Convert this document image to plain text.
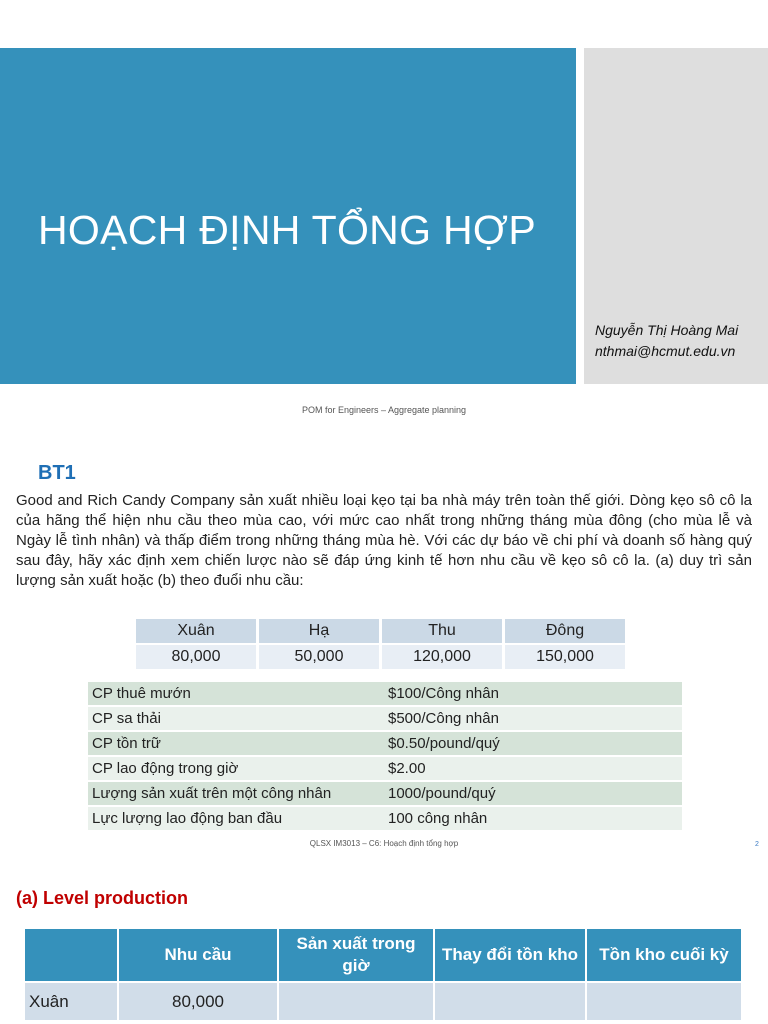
HOẠCH ĐỊNH TỔNG HỢP
Nguyễn Thị Hoàng Mai
nthmai@hcmut.edu.vn
POM for Engineers – Aggregate planning
BT1
Good and Rich Candy Company sản xuất nhiều loại kẹo tại ba nhà máy trên toàn thế giới. Dòng kẹo sô cô la của hãng thể hiện nhu cầu theo mùa cao, với mức cao nhất trong những tháng mùa đông (cho mùa lễ và Ngày lễ tình nhân) và thấp điểm trong những tháng mùa hè. Với các dự báo về chi phí và doanh số hàng quý sau đây, hãy xác định xem chiến lược nào sẽ đáp ứng kinh tế hơn nhu cầu về kẹo sô cô la. (a) duy trì sản lượng sản xuất hoặc (b) theo đuổi nhu cầu:
Xuân	Hạ	Thu	Đông
80,000	50,000	120,000	150,000
CP thuê mướn	$100/Công nhân
CP sa thải	$500/Công nhân
CP tồn trữ	$0.50/pound/quý
CP lao động trong giờ	$2.00
Lượng sản xuất trên một công nhân	1000/pound/quý
Lực lượng lao động ban đầu	100 công nhân
QLSX IM3013 – C6: Hoạch định tổng hợp	2
(a) Level production
	Nhu cầu	Sản xuất trong giờ	Thay đổi tồn kho	Tồn kho cuối kỳ
Xuân	80,000			
